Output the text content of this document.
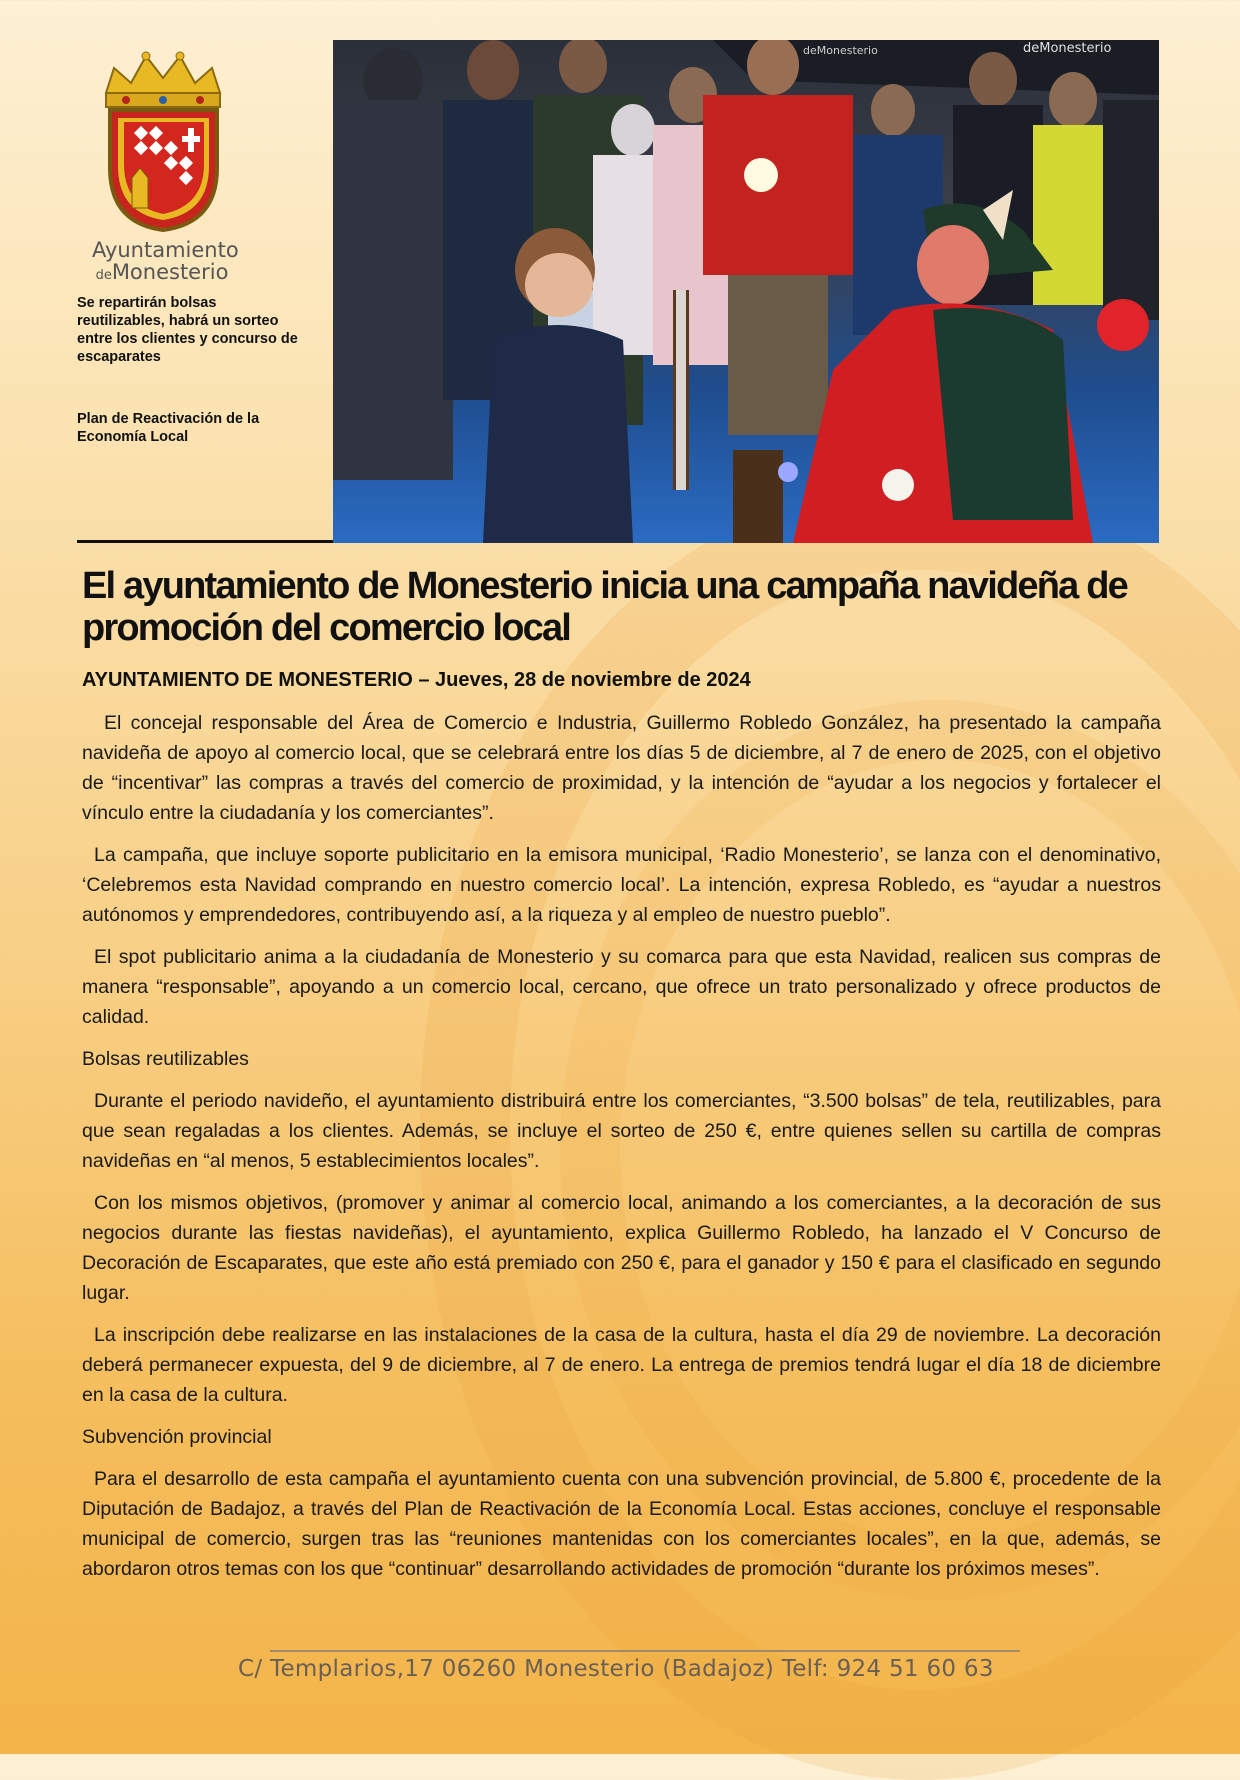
Ayuntamiento
deMonesterio
Se repartirán bolsas reutilizables, habrá un sorteo entre los clientes y concurso de escaparates
Plan de Reactivación de la Economía Local
deMonesterio	deMonesterio
El ayuntamiento de Monesterio inicia una campaña navideña de promoción del comercio local

AYUNTAMIENTO DE MONESTERIO – Jueves, 28 de noviembre de 2024

El concejal responsable del Área de Comercio e Industria, Guillermo Robledo González, ha presentado la campaña navideña de apoyo al comercio local, que se celebrará entre los días 5 de diciembre, al 7 de enero de 2025, con el objetivo de “incentivar” las compras a través del comercio de proximidad, y la intención de “ayudar a los negocios y fortalecer el vínculo entre la ciudadanía y los comerciantes”.

La campaña, que incluye soporte publicitario en la emisora municipal, ‘Radio Monesterio’, se lanza con el denominativo, ‘Celebremos esta Navidad comprando en nuestro comercio local’. La intención, expresa Robledo, es “ayudar a nuestros autónomos y emprendedores, contribuyendo así, a la riqueza y al empleo de nuestro pueblo”.

El spot publicitario anima a la ciudadanía de Monesterio y su comarca para que esta Navidad, realicen sus compras de manera “responsable”, apoyando a un comercio local, cercano, que ofrece un trato personalizado y ofrece productos de calidad.

Bolsas reutilizables

Durante el periodo navideño, el ayuntamiento distribuirá entre los comerciantes, “3.500 bolsas” de tela, reutilizables, para que sean regaladas a los clientes. Además, se incluye el sorteo de 250 €, entre quienes sellen su cartilla de compras navideñas en “al menos, 5 establecimientos locales”.

Con los mismos objetivos, (promover y animar al comercio local, animando a los comerciantes, a la decoración de sus negocios durante las fiestas navideñas), el ayuntamiento, explica Guillermo Robledo, ha lanzado el V Concurso de Decoración de Escaparates, que este año está premiado con 250 €, para el ganador y 150 € para el clasificado en segundo lugar.

La inscripción debe realizarse en las instalaciones de la casa de la cultura, hasta el día 29 de noviembre. La decoración deberá permanecer expuesta, del 9 de diciembre, al 7 de enero. La entrega de premios tendrá lugar el día 18 de diciembre en la casa de la cultura.

Subvención provincial

Para el desarrollo de esta campaña el ayuntamiento cuenta con una subvención provincial, de 5.800 €, procedente de la Diputación de Badajoz, a través del Plan de Reactivación de la Economía Local. Estas acciones, concluye el responsable municipal de comercio, surgen tras las “reuniones mantenidas con los comerciantes locales”, en la que, además, se abordaron otros temas con los que “continuar” desarrollando actividades de promoción “durante los próximos meses”.

C/ Templarios,17 06260 Monesterio (Badajoz) Telf: 924 51 60 63
